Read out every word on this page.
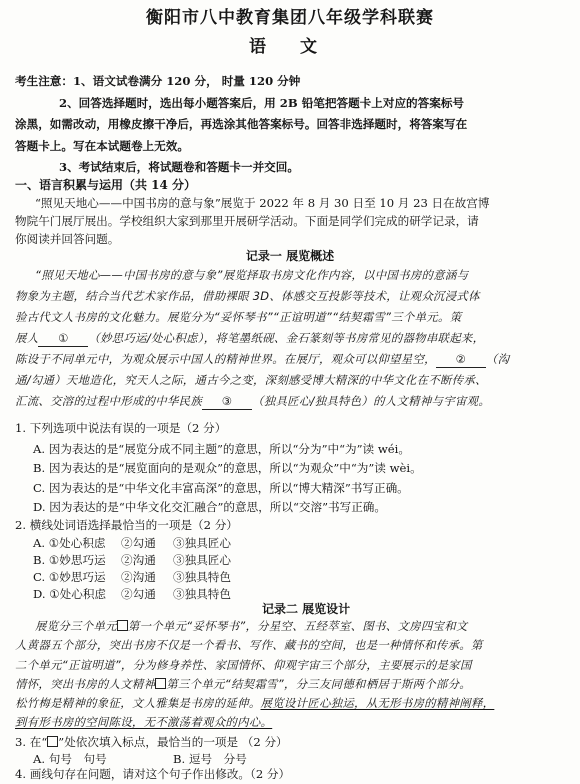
衡阳市八中教育集团八年级学科联赛
语 文
考生注意：1、语文试卷满分 120 分， 时量 120 分钟
2、回答选择题时，选出每小题答案后，用 2B 铅笔把答题卡上对应的答案标号
涂黑，如需改动，用橡皮擦干净后，再选涂其他答案标号。回答非选择题时，将答案写在
答题卡上。写在本试题卷上无效。
3、考试结束后，将试题卷和答题卡一并交回。
一、语言积累与运用（共 14 分）
“照见天地心——中国书房的意与象”展览于 2022 年 8 月 30 日至 10 月 23 日在故宫博
物院午门展厅展出。学校组织大家到那里开展研学活动。下面是同学们完成的研学记录，请
你阅读并回答问题。
记录一 展览概述
“照见天地心——中国书房的意与象”展览择取书房文化作内容，以中国书房的意涵与
物象为主题，结合当代艺术家作品，借助裸眼 3D、体感交互投影等技术，让观众沉浸式体
验古代文人书房的文化魅力。展览分为“妥怀琴书”“正谊明道”“结契霜雪”三个单元。策
展人 ① （妙思巧运/处心积虑），将笔墨纸砚、金石篆刻等书房常见的器物串联起来，
陈设于不同单元中，为观众展示中国人的精神世界。在展厅，观众可以仰望星空， ② （沟
通/勾通）天地造化，究天人之际，通古今之变，深刻感受博大精深的中华文化在不断传承、
汇流、交溶的过程中形成的中华民族 ③ （独具匠心/独具特色）的人文精神与宇宙观。
1. 下列选项中说法有误的一项是（2 分）
A. 因为表达的是“展览分成不同主题”的意思，所以“分为”中“为”读 wéi。
B. 因为表达的是“展览面向的是观众”的意思，所以“为观众”中“为”读 wèi。
C. 因为表达的是“中华文化丰富高深”的意思，所以“博大精深”书写正确。
D. 因为表达的是“中华文化交汇融合”的意思，所以“交溶”书写正确。
2. 横线处词语选择最恰当的一项是（2 分）
A. ①处心积虑 ②勾通 ③独具匠心
B. ①妙思巧运 ②沟通 ③独具匠心
C. ①妙思巧运 ②沟通 ③独具特色
D. ①处心积虑 ②勾通 ③独具特色
记录二 展览设计
展览分三个单元 第一个单元“妥怀琴书”，分星空、五经萃室、图书、文房四宝和文
人黄器五个部分，突出书房不仅是一个看书、写作、藏书的空间，也是一种情怀和传承。第
二个单元“正谊明道”，分为修身养性、家国情怀、仰观宇宙三个部分，主要展示的是家国
情怀，突出书房的人文精神 第三个单元“结契霜雪”，分三友同德和栖居于斯两个部分。
松竹梅是精神的象征，文人雅集是书房的延伸。展览设计匠心独运，从无形书房的精神阐释，
到有形书房的空间陈设，无不激荡着观众的内心。
3. 在“ ”处依次填入标点，最恰当的一项是 （2 分）
A. 句号　句号	B. 逗号　分号
4. 画线句存在问题，请对这个句子作出修改。（2 分）
